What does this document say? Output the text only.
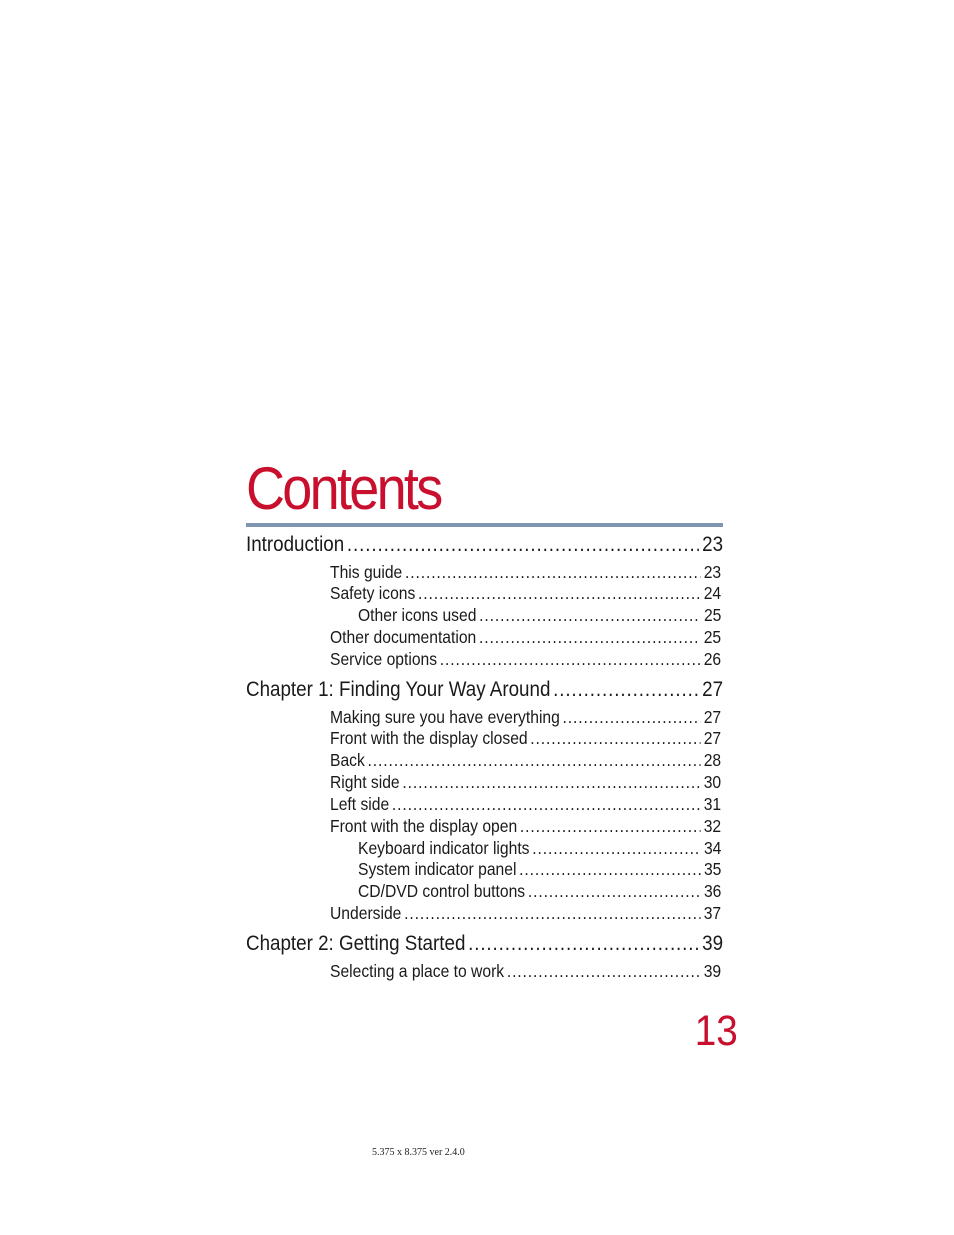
Contents
Introduction .....	23
This guide .....	23
Safety icons .....	24
Other icons used .....	25
Other documentation .....	25
Service options .....	26
Chapter 1: Finding Your Way Around .....	27
Making sure you have everything .....	27
Front with the display closed .....	27
Back .....	28
Right side .....	30
Left side .....	31
Front with the display open .....	32
Keyboard indicator lights .....	34
System indicator panel .....	35
CD/DVD control buttons .....	36
Underside .....	37
Chapter 2: Getting Started .....	39
Selecting a place to work .....	39
13
5.375 x 8.375 ver 2.4.0
